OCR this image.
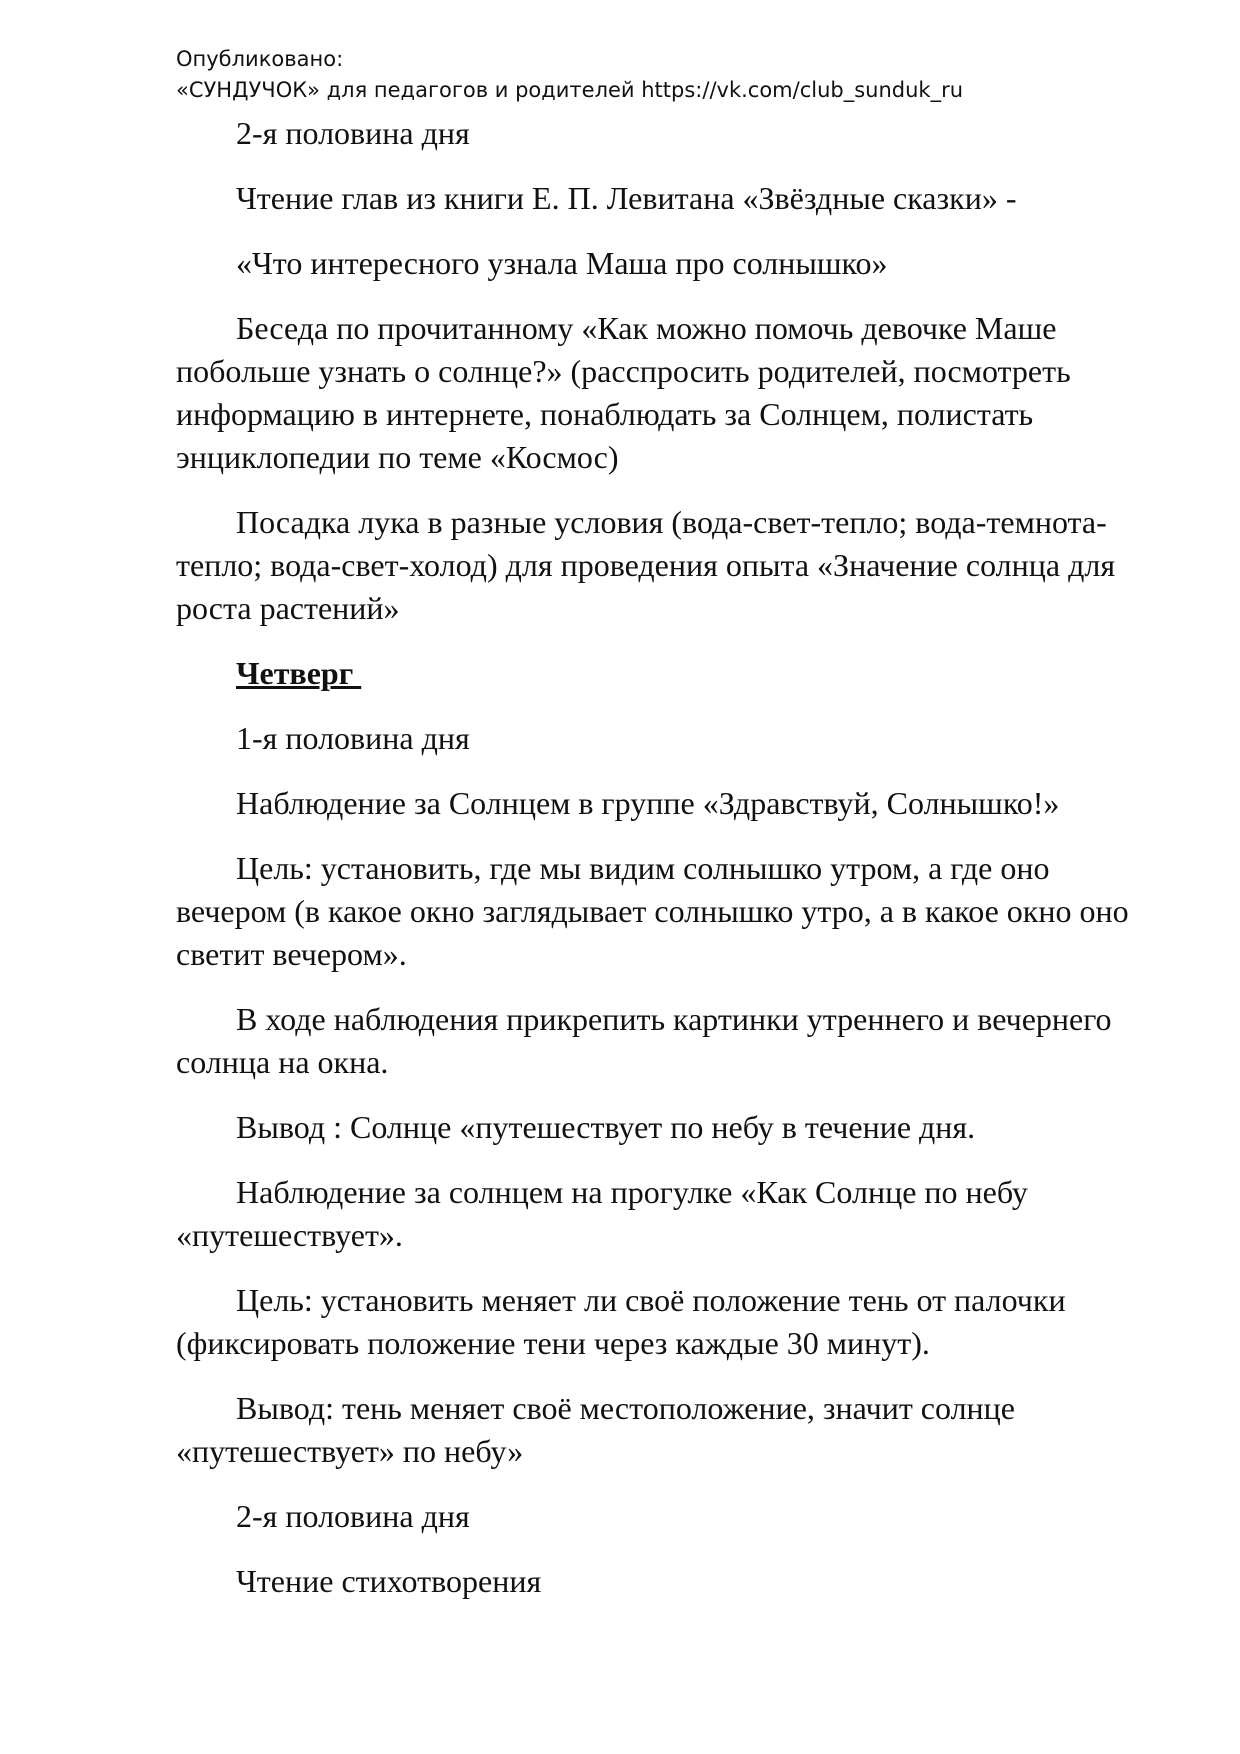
Опубликовано:
«СУНДУЧОК» для педагогов и родителей https://vk.com/club_sunduk_ru

2-я половина дня

Чтение глав из книги Е. П. Левитана «Звёздные сказки» -

«Что интересного узнала Маша про солнышко»

Беседа по прочитанному «Как можно помочь девочке Маше побольше узнать о солнце?» (расспросить родителей, посмотреть информацию в интернете, понаблюдать за Солнцем, полистать энциклопедии по теме «Космос)

Посадка лука в разные условия (вода-свет-тепло; вода-темнота-тепло; вода-свет-холод) для проведения опыта «Значение солнца для роста растений»

Четверг

1-я половина дня

Наблюдение за Солнцем в группе «Здравствуй, Солнышко!»

Цель: установить, где мы видим солнышко утром, а где оно вечером (в какое окно заглядывает солнышко утро, а в какое окно оно светит вечером».

В ходе наблюдения прикрепить картинки утреннего и вечернего солнца на окна.

Вывод : Солнце «путешествует по небу в течение дня.

Наблюдение за солнцем на прогулке «Как Солнце по небу «путешествует».

Цель: установить меняет ли своё положение тень от палочки (фиксировать положение тени через каждые 30 минут).

Вывод: тень меняет своё местоположение, значит солнце «путешествует» по небу»

2-я половина дня

Чтение стихотворения
